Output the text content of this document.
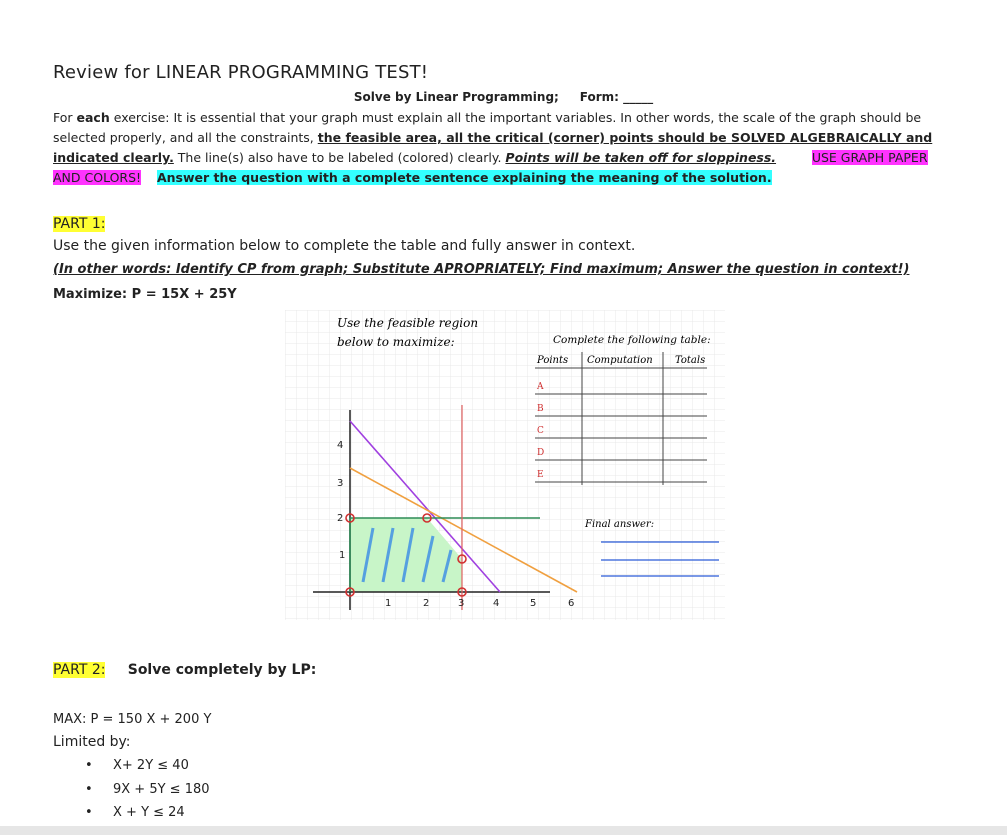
Review for LINEAR PROGRAMMING TEST!
Solve by Linear Programming; Form: _____
For each exercise: It is essential that your graph must explain all the important variables. In other words, the scale of the graph should be selected properly, and all the constraints, the feasible area, all the critical (corner) points should be SOLVED ALGEBRAICALLY and indicated clearly. The line(s) also have to be labeled (colored) clearly. Points will be taken off for sloppiness.	USE GRAPH PAPER AND COLORS! Answer the question with a complete sentence explaining the meaning of the solution.
PART 1:
Use the given information below to complete the table and fully answer in context.
(In other words: Identify CP from graph; Substitute APROPRIATELY; Find maximum; Answer the question in context!)
Maximize: P = 15X + 25Y
1	2	3	4	5	6
1
2
3
4
Use the feasible region
below to maximize:	Complete the following table:
Points Computation Totals
A
B
C
D
E
Final answer:
PART 2: Solve completely by LP:
MAX: P = 150 X + 200 Y
Limited by:
• X+ 2Y ≤ 40
• 9X + 5Y ≤ 180
• X + Y ≤ 24
